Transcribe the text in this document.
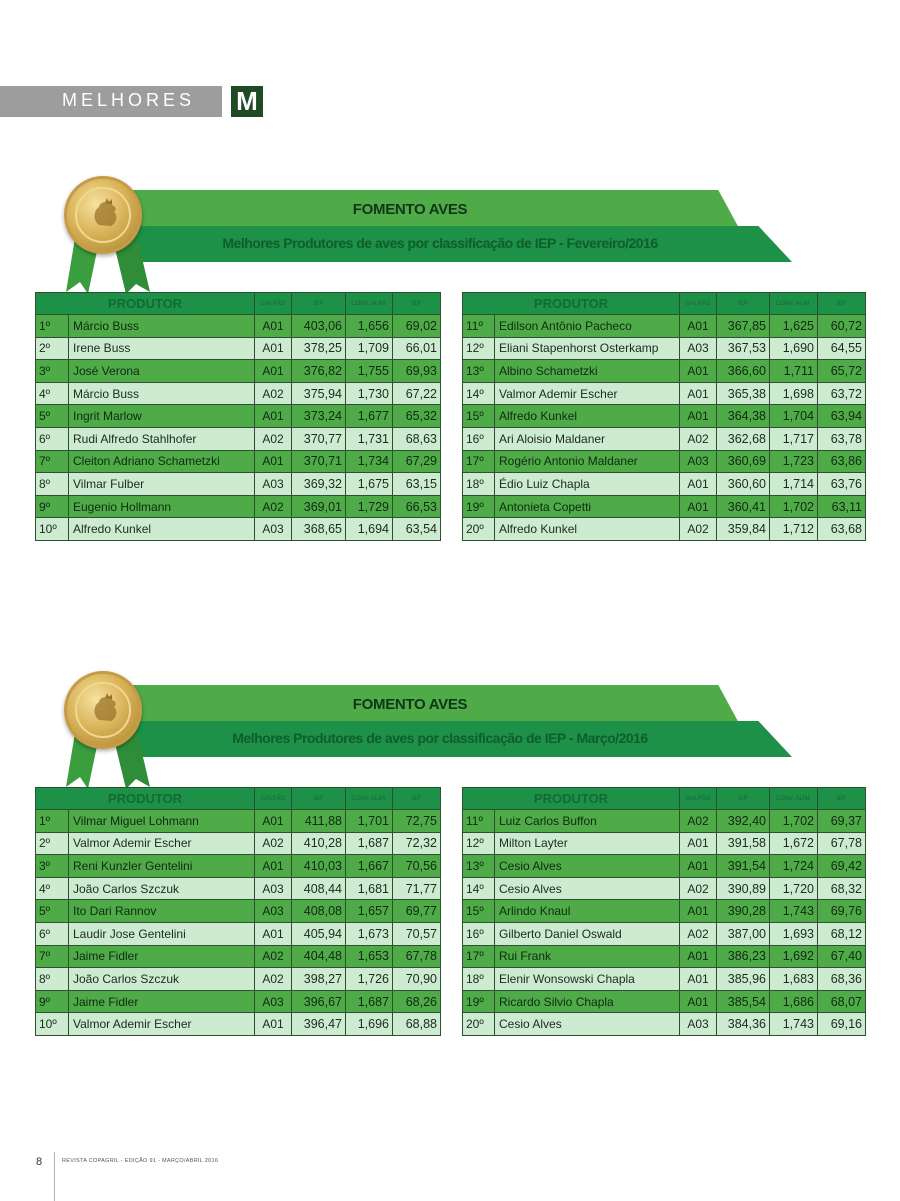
MELHORES M
FOMENTO AVES
Melhores Produtores de aves por classificação de IEP - Fevereiro/2016
PRODUTOR		GALPÃO	IEP	CONV. ALIM.	IEF
1º	Márcio Buss	A01	403,06	1,656	69,02
2º	Irene Buss	A01	378,25	1,709	66,01
3º	José Verona	A01	376,82	1,755	69,93
4º	Márcio Buss	A02	375,94	1,730	67,22
5º	Ingrit Marlow	A01	373,24	1,677	65,32
6º	Rudi Alfredo Stahlhofer	A02	370,77	1,731	68,63
7º	Cleiton Adriano Schametzki	A01	370,71	1,734	67,29
8º	Vilmar Fulber	A03	369,32	1,675	63,15
9º	Eugenio Hollmann	A02	369,01	1,729	66,53
10º	Alfredo Kunkel	A03	368,65	1,694	63,54
PRODUTOR		GALPÃO	IEP	CONV. ALIM.	IEF
11º	Edilson Antônio Pacheco	A01	367,85	1,625	60,72
12º	Eliani Stapenhorst Osterkamp	A03	367,53	1,690	64,55
13º	Albino Schametzki	A01	366,60	1,711	65,72
14º	Valmor Ademir Escher	A01	365,38	1,698	63,72
15º	Alfredo Kunkel	A01	364,38	1,704	63,94
16º	Ari Aloisio Maldaner	A02	362,68	1,717	63,78
17º	Rogério Antonio Maldaner	A03	360,69	1,723	63,86
18º	Édio Luiz Chapla	A01	360,60	1,714	63,76
19º	Antonieta Copetti	A01	360,41	1,702	63,11
20º	Alfredo Kunkel	A02	359,84	1,712	63,68
FOMENTO AVES
Melhores Produtores de aves por classificação de IEP - Março/2016
PRODUTOR		GALPÃO	IEP	CONV. ALIM.	IEF
1º	Vilmar Miguel Lohmann	A01	411,88	1,701	72,75
2º	Valmor Ademir Escher	A02	410,28	1,687	72,32
3º	Reni Kunzler Gentelini	A01	410,03	1,667	70,56
4º	João Carlos Szczuk	A03	408,44	1,681	71,77
5º	Ito Dari Rannov	A03	408,08	1,657	69,77
6º	Laudir Jose Gentelini	A01	405,94	1,673	70,57
7º	Jaime Fidler	A02	404,48	1,653	67,78
8º	João Carlos Szczuk	A02	398,27	1,726	70,90
9º	Jaime Fidler	A03	396,67	1,687	68,26
10º	Valmor Ademir Escher	A01	396,47	1,696	68,88
PRODUTOR		GALPÃO	IEP	CONV. ALIM.	IEF
11º	Luiz Carlos Buffon	A02	392,40	1,702	69,37
12º	Milton Layter	A01	391,58	1,672	67,78
13º	Cesio Alves	A01	391,54	1,724	69,42
14º	Cesio Alves	A02	390,89	1,720	68,32
15º	Arlindo Knaul	A01	390,28	1,743	69,76
16º	Gilberto Daniel Oswald	A02	387,00	1,693	68,12
17º	Rui Frank	A01	386,23	1,692	67,40
18º	Elenir Wonsowski Chapla	A01	385,96	1,683	68,36
19º	Ricardo Silvio Chapla	A01	385,54	1,686	68,07
20º	Cesio Alves	A03	384,36	1,743	69,16
8	REVISTA COPAGRIL - EDIÇÃO 91 - MARÇO/ABRIL 2016
